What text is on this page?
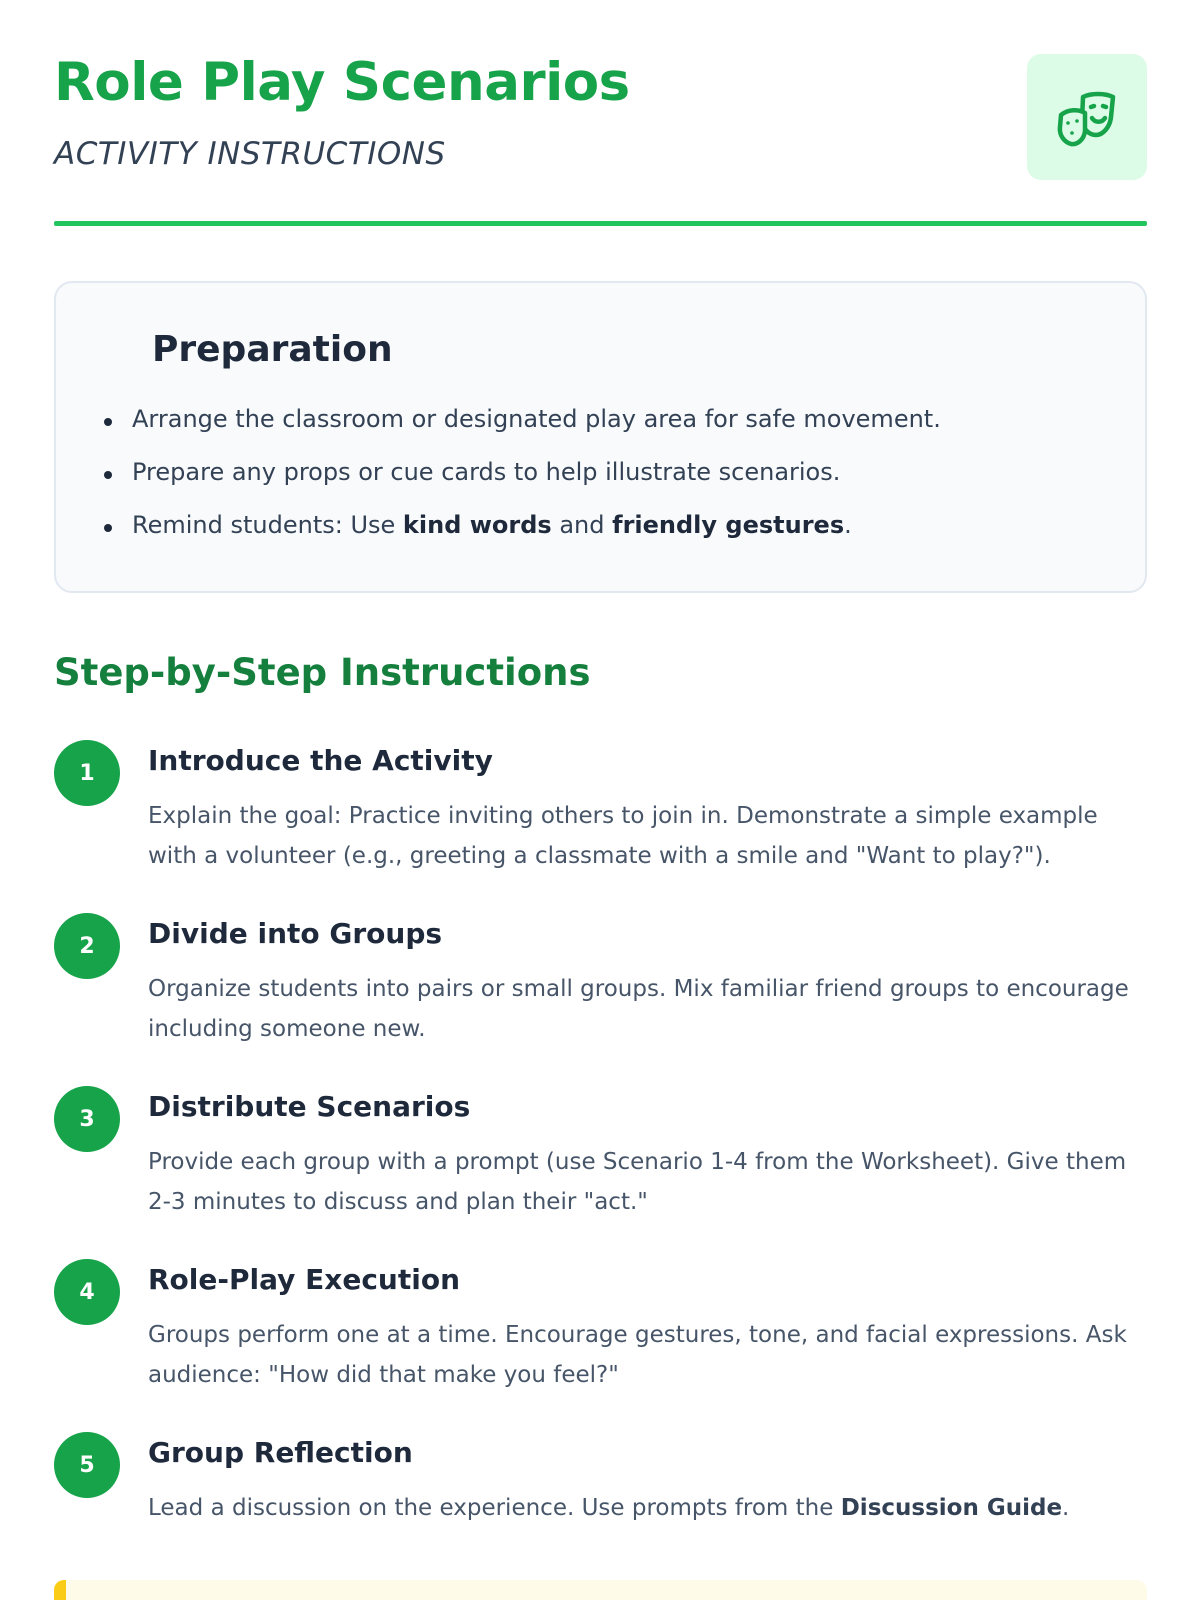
Role Play Scenarios
ACTIVITY INSTRUCTIONS
Preparation
Arrange the classroom or designated play area for safe movement.
Prepare any props or cue cards to help illustrate scenarios.
Remind students: Use kind words and friendly gestures.
Step-by-Step Instructions
1	Introduce the Activity
Explain the goal: Practice inviting others to join in. Demonstrate a simple example with a volunteer (e.g., greeting a classmate with a smile and "Want to play?").
2	Divide into Groups
Organize students into pairs or small groups. Mix familiar friend groups to encourage including someone new.
3	Distribute Scenarios
Provide each group with a prompt (use Scenario 1-4 from the Worksheet). Give them 2-3 minutes to discuss and plan their "act."
4	Role-Play Execution
Groups perform one at a time. Encourage gestures, tone, and facial expressions. Ask audience: "How did that make you feel?"
5	Group Reflection
Lead a discussion on the experience. Use prompts from the Discussion Guide.
